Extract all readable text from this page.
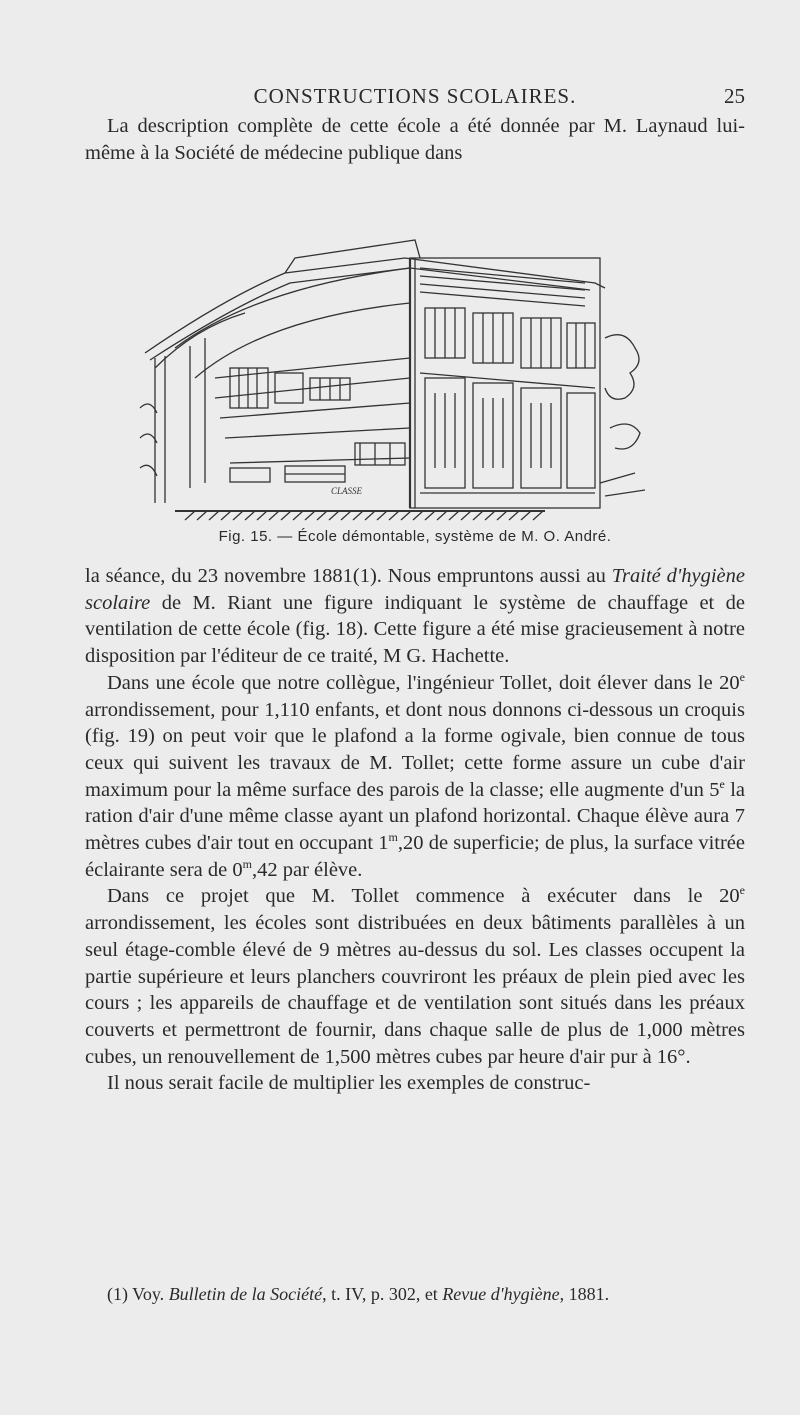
CONSTRUCTIONS SCOLAIRES.	25

La description complète de cette école a été donnée par M. Laynaud lui-même à la Société de médecine publique dans

CLASSE
Fig. 15. — École démontable, système de M. O. André.

la séance, du 23 novembre 1881(1). Nous empruntons aussi au Traité d'hygiène scolaire de M. Riant une figure indiquant le système de chauffage et de ventilation de cette école (fig. 18). Cette figure a été mise gracieusement à notre disposition par l'éditeur de ce traité, M G. Hachette.

Dans une école que notre collègue, l'ingénieur Tollet, doit élever dans le 20e arrondissement, pour 1,110 enfants, et dont nous donnons ci-dessous un croquis (fig. 19) on peut voir que le plafond a la forme ogivale, bien connue de tous ceux qui suivent les travaux de M. Tollet; cette forme assure un cube d'air maximum pour la même surface des parois de la classe; elle augmente d'un 5e la ration d'air d'une même classe ayant un plafond horizontal. Chaque élève aura 7 mètres cubes d'air tout en occupant 1$^m$,20 de superficie; de plus, la surface vitrée éclairante sera de 0$^m$,42 par élève.

Dans ce projet que M. Tollet commence à exécuter dans le 20e arrondissement, les écoles sont distribuées en deux bâtiments parallèles à un seul étage-comble élevé de 9 mètres au-dessus du sol. Les classes occupent la partie supérieure et leurs planchers couvriront les préaux de plein pied avec les cours ; les appareils de chauffage et de ventilation sont situés dans les préaux couverts et permettront de fournir, dans chaque salle de plus de 1,000 mètres cubes, un renouvellement de 1,500 mètres cubes par heure d'air pur à 16°.

Il nous serait facile de multiplier les exemples de construc-

(1) Voy. Bulletin de la Société, t. IV, p. 302, et Revue d'hygiène, 1881.
